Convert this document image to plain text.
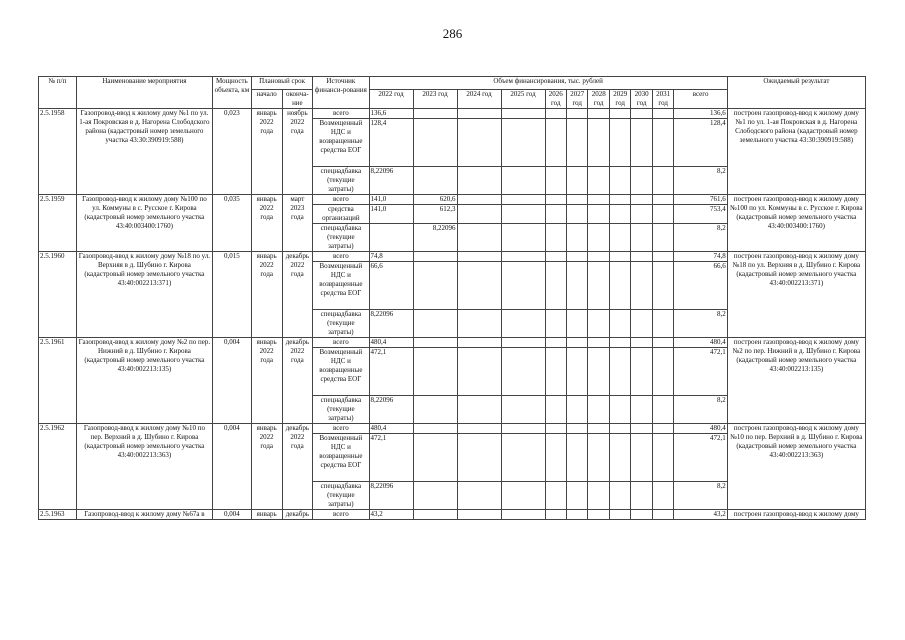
286
№ п/п	Наименование мероприятия	Мощность объекта, км	Плановый срок		Источник финанси-рования	Объем финансирования, тыс. рублей											Ожидаемый результат
			начало	оконча-ние		2022 год	2023 год	2024 год	2025 год	2026 год	2027 год	2028 год	2029 год	2030 год	2031 год	всего	

2.5.1958	Газопровод-ввод к жилому дому №1 по ул. 1-ая Покровская в д. Нагорена Слободского района (кадастровый номер земельного участка 43:30:390919:588)	0,023	январь 2022 года	ноябрь 2022 года	всего	136,6										136,6	построен газопровод-ввод к жилому дому №1 по ул. 1-ая Покровская в д. Нагорена Слободского района (кадастровый номер земельного участка 43:30:390919:588)
					Возмещенный НДС и возвращенные средства ЕОГ	128,4										128,4	
					спецнадбавка (текущие затраты)	8,22096										8,2	
2.5.1959	Газопровод-ввод к жилому дому №100 по ул. Коммуны в с. Русское г. Кирова (кадастровый номер земельного участка 43:40:003400:1760)	0,035	январь 2022 года	март 2023 года	всего	141,0	620,6									761,6	построен газопровод-ввод к жилому дому №100 по ул. Коммуны в с. Русское г. Кирова (кадастровый номер земельного участка 43:40:003400:1760)
					средства организаций	141,0	612,3									753,4	
					спецнадбавка (текущие затраты)		8,22096									8,2	
2.5.1960	Газопровод-ввод к жилому дому №18 по ул. Верхняя в д. Шубино г. Кирова (кадастровый номер земельного участка 43:40:002213:371)	0,015	январь 2022 года	декабрь 2022 года	всего	74,8										74,8	построен газопровод-ввод к жилому дому №18 по ул. Верхняя в д. Шубино г. Кирова (кадастровый номер земельного участка 43:40:002213:371)
					Возмещенный НДС и возвращенные средства ЕОГ	66,6										66,6	
					спецнадбавка (текущие затраты)	8,22096										8,2	
2.5.1961	Газопровод-ввод к жилому дому №2 по пер. Нижний в д. Шубино г. Кирова (кадастровый номер земельного участка 43:40:002213:135)	0,004	январь 2022 года	декабрь 2022 года	всего	480,4										480,4	построен газопровод-ввод к жилому дому №2 по пер. Нижний в д. Шубино г. Кирова (кадастровый номер земельного участка 43:40:002213:135)
					Возмещенный НДС и возвращенные средства ЕОГ	472,1										472,1	
					спецнадбавка (текущие затраты)	8,22096										8,2	
2.5.1962	Газопровод-ввод к жилому дому №10 по пер. Верхний в д. Шубино г. Кирова (кадастровый номер земельного участка 43:40:002213:363)	0,004	январь 2022 года	декабрь 2022 года	всего	480,4										480,4	построен газопровод-ввод к жилому дому №10 по пер. Верхний в д. Шубино г. Кирова (кадастровый номер земельного участка 43:40:002213:363)
					Возмещенный НДС и возвращенные средства ЕОГ	472,1										472,1	
					спецнадбавка (текущие затраты)	8,22096										8,2	
2.5.1963	Газопровод-ввод к жилому дому №67а в	0,004	январь	декабрь	всего	43,2										43,2	построен газопровод-ввод к жилому дому
